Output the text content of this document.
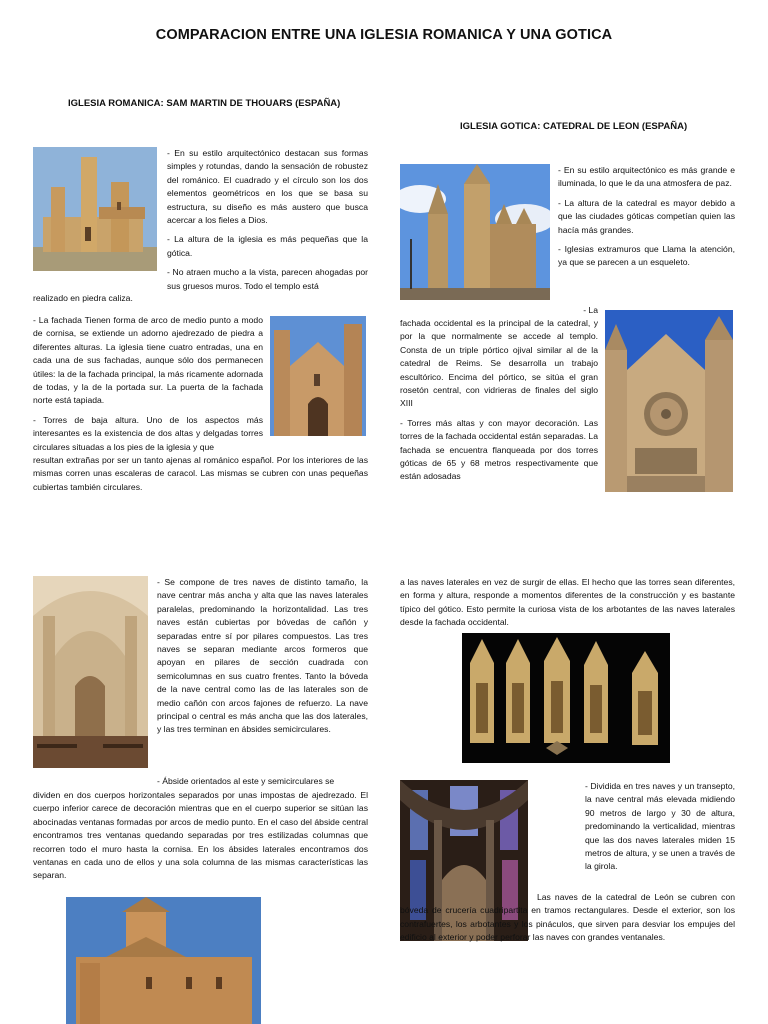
COMPARACION ENTRE UNA IGLESIA ROMANICA Y UNA GOTICA
IGLESIA ROMANICA: SAM MARTIN DE THOUARS (ESPAÑA)
IGLESIA GOTICA: CATEDRAL DE LEON (ESPAÑA)

- En su estilo arquitectónico destacan sus formas simples y rotundas, dando la sensación de robustez del románico. El cuadrado y el círculo son los dos elementos geométricos en los que se basa su estructura, su diseño es más austero que busca acercar a los fieles a Dios.

- La altura de la iglesia es más pequeñas que la gótica.

- No atraen mucho a la vista, parecen ahogadas por sus gruesos muros. Todo el templo está

realizado en piedra caliza.

- La fachada Tienen forma de arco de medio punto a modo de cornisa, se extiende un adorno ajedrezado de piedra a diferentes alturas. La iglesia tiene cuatro entradas, una en cada una de sus fachadas, aunque sólo dos permanecen útiles: la de la fachada principal, la más ricamente adornada de todas, y la de la portada sur. La puerta de la fachada norte está tapiada.

- Torres de baja altura. Uno de los aspectos más interesantes es la existencia de dos altas y delgadas torres circulares situadas a los pies de la iglesia y que

resultan extrañas por ser un tanto ajenas al románico español. Por los interiores de las mismas corren unas escaleras de caracol. Las mismas se cubren con unas pequeñas cubiertas también circulares.

- En su estilo arquitectónico es más grande e iluminada, lo que le da una atmosfera de paz.

- La altura de la catedral es mayor debido a que las ciudades góticas competían quien las hacía más grandes.

- Iglesias extramuros que Llama la atención, ya que se parecen a un esqueleto.

- La

fachada occidental es la principal de la catedral, y por la que normalmente se accede al templo. Consta de un triple pórtico ojival similar al de la catedral de Reims. Se desarrolla un trabajo escultórico. Encima del pórtico, se sitúa el gran rosetón central, con vidrieras de finales del siglo XIII

- Torres más altas y con mayor decoración. Las torres de la fachada occidental están separadas. La fachada se encuentra flanqueada por dos torres góticas de 65 y 68 metros respectivamente que están adosadas

- Se compone de tres naves de distinto tamaño, la nave centrar más ancha y alta que las naves laterales paralelas, predominando la horizontalidad. Las tres naves están cubiertas por bóvedas de cañón y separadas entre sí por pilares compuestos. Las tres naves se separan mediante arcos formeros que apoyan en pilares de sección cuadrada con semicolumnas en sus cuatro frentes. Tanto la bóveda de la nave central como las de las laterales son de medio cañón con arcos fajones de refuerzo. La nave principal o central es más ancha que las dos laterales, y las tres terminan en ábsides semicirculares.
- Ábside orientados al este y semicirculares se
dividen en dos cuerpos horizontales separados por unas impostas de ajedrezado. El cuerpo inferior carece de decoración mientras que en el cuerpo superior se sitúan las abocinadas ventanas formadas por arcos de medio punto. En el caso del ábside central encontramos tres ventanas quedando separadas por tres estilizadas columnas que recorren todo el muro hasta la cornisa. En los ábsides laterales encontramos dos ventanas en cada uno de ellos y una sola columna de las mismas características las separan.
a las naves laterales en vez de surgir de ellas. El hecho que las torres sean diferentes, en forma y altura, responde a momentos diferentes de la construcción y es bastante típico del gótico. Esto permite la curiosa vista de los arbotantes de las naves laterales desde la fachada occidental.
- Dividida en tres naves y un transepto, la nave central más elevada midiendo 90 metros de largo y 30 de altura, predominando la verticalidad, mientras que las dos naves laterales miden 15 metros de altura, y se unen a través de la girola.
Las naves de la catedral de León se cubren con bóveda de crucería cuadripartita en tramos rectangulares. Desde el exterior, son los contrafuertes, los arbotantes y los pináculos, que sirven para desviar los empujes del edificio al exterior y poder perforar las naves con grandes ventanales.
